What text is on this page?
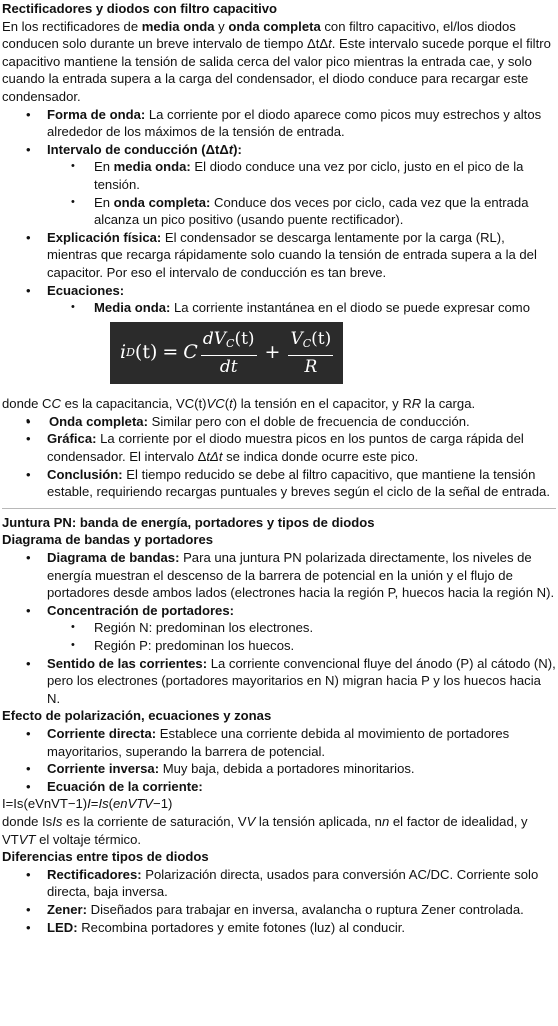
Rectificadores y diodos con filtro capacitivo

En los rectificadores de media onda y onda completa con filtro capacitivo, el/los diodos conducen solo durante un breve intervalo de tiempo ΔtΔt. Este intervalo sucede porque el filtro capacitivo mantiene la tensión de salida cerca del valor pico mientras la entrada cae, y solo cuando la entrada supera a la carga del condensador, el diodo conduce para recargar este condensador.

• Forma de onda: La corriente por el diodo aparece como picos muy estrechos y altos alrededor de los máximos de la tensión de entrada.
• Intervalo de conducción (ΔtΔt):
• En media onda: El diodo conduce una vez por ciclo, justo en el pico de la tensión.
• En onda completa: Conduce dos veces por ciclo, cada vez que la entrada alcanza un pico positivo (usando puente rectificador).
• Explicación física: El condensador se descarga lentamente por la carga (RL), mientras que recarga rápidamente solo cuando la tensión de entrada supera a la del capacitor. Por eso el intervalo de conducción es tan breve.
• Ecuaciones:
• Media onda: La corriente instantánea en el diodo se puede expresar como
i D (t) = C $\frac{dV_C(t)}{dt} + \frac{V_C(t)}{R}$

donde CC es la capacitancia, VC(t)VC(t) la tensión en el capacitor, y RR la carga.

• • Onda completa: Similar pero con el doble de frecuencia de conducción.
• Gráfica: La corriente por el diodo muestra picos en los puntos de carga rápida del condensador. El intervalo ΔtΔt se indica donde ocurre este pico.
• Conclusión: El tiempo reducido se debe al filtro capacitivo, que mantiene la tensión estable, requiriendo recargas puntuales y breves según el ciclo de la señal de entrada.

Juntura PN: banda de energía, portadores y tipos de diodos

Diagrama de bandas y portadores

• Diagrama de bandas: Para una juntura PN polarizada directamente, los niveles de energía muestran el descenso de la barrera de potencial en la unión y el flujo de portadores desde ambos lados (electrones hacia la región P, huecos hacia la región N).
• Concentración de portadores:
• Región N: predominan los electrones.
• Región P: predominan los huecos.
• Sentido de las corrientes: La corriente convencional fluye del ánodo (P) al cátodo (N), pero los electrones (portadores mayoritarios en N) migran hacia P y los huecos hacia N.

Efecto de polarización, ecuaciones y zonas

• Corriente directa: Establece una corriente debida al movimiento de portadores mayoritarios, superando la barrera de potencial.
• Corriente inversa: Muy baja, debida a portadores minoritarios.
• Ecuación de la corriente:

I=Is(eVnVT−1)I=Is(enVTV−1)

donde IsIs es la corriente de saturación, VV la tensión aplicada, nn el factor de idealidad, y VTVT el voltaje térmico.

Diferencias entre tipos de diodos

• Rectificadores: Polarización directa, usados para conversión AC/DC. Corriente solo directa, baja inversa.
• Zener: Diseñados para trabajar en inversa, avalancha o ruptura Zener controlada.
• LED: Recombina portadores y emite fotones (luz) al conducir.
